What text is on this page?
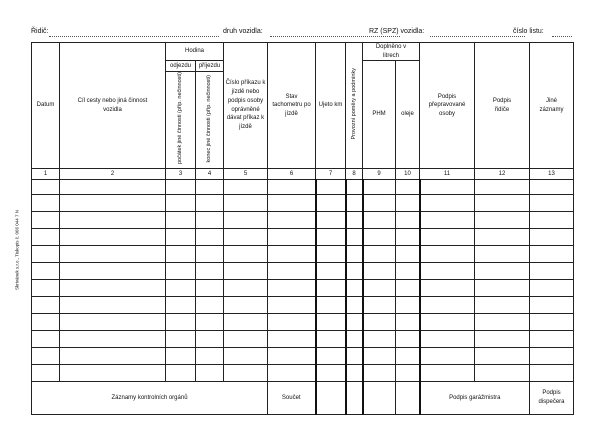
Skrivánek s.r.o., Tiskopis č. 066 044 7 N
Řidič:	druh vozidla:	RZ (SPZ) vozidla:	číslo listu:
Datum	Cíl cesty nebo jiná činnost vozidla	Hodina		Číslo příkazu k jízdě nebo podpis osoby oprávněné dávat příkaz k jízdě	Stav tachometru po jízdě	Ujeto km	Provozní poměry a podmínky	Doplněno v litrech		Podpis přepravované osoby	Podpis řidiče	Jiné záznamy
		odjezdu	příjezdu					PHM	oleje			
		počátek jiné činnosti (příp. nečinnosti)	konec jiné činnosti (příp. nečinnosti)									
1	2	3	4	5	6	7	8	9	10	11	12	13

Záznamy kontrolních orgánů					Součet					Podpis garážmistra		Podpis dispečera
